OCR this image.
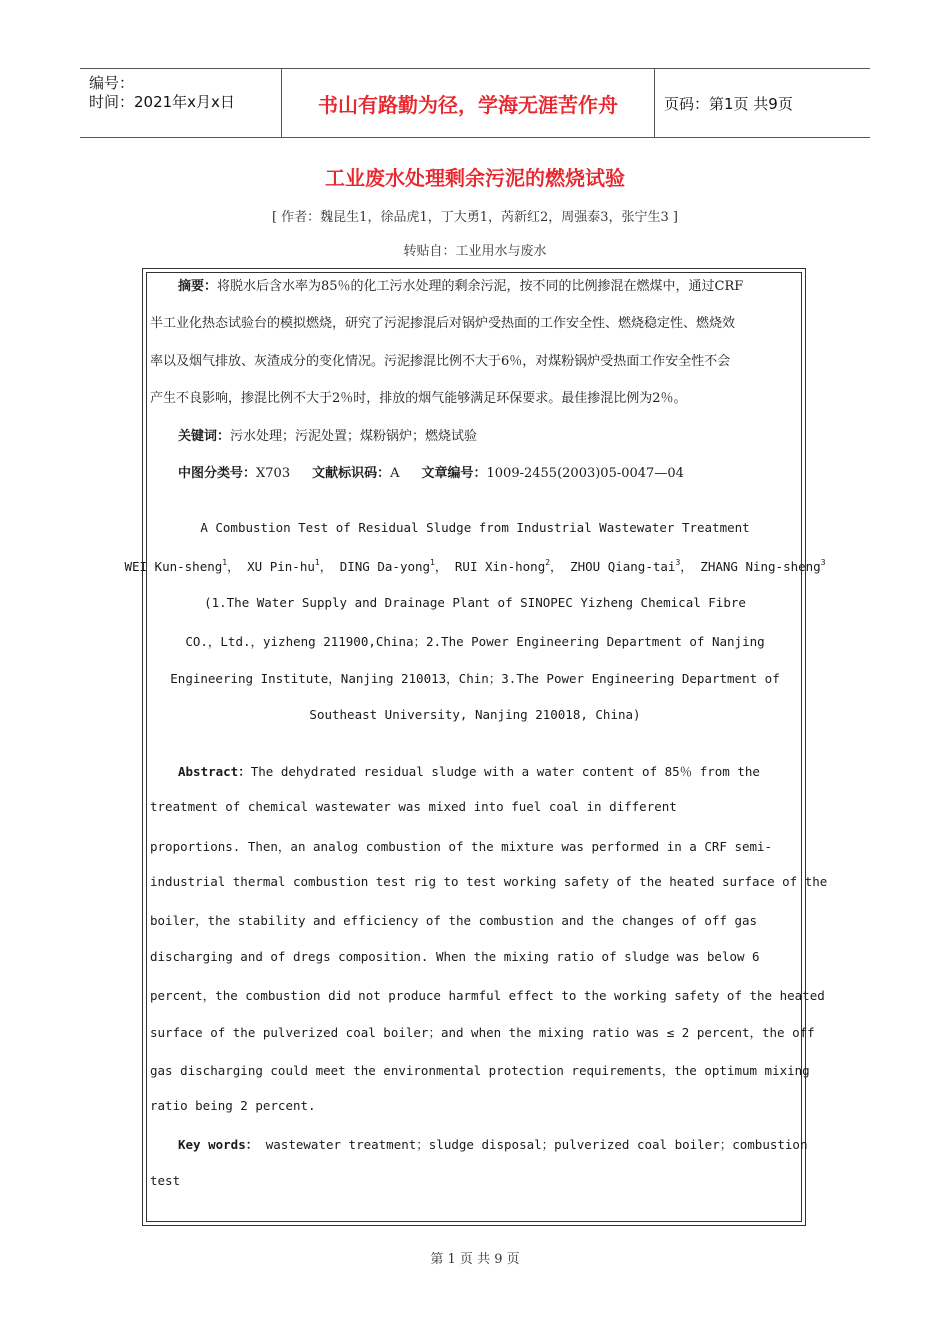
编号：
时间：2021年x月x日	书山有路勤为径，学海无涯苦作舟	页码：第1页 共9页
工业废水处理剩余污泥的燃烧试验
[ 作者：魏昆生1，徐品虎1，丁大勇1，芮新红2，周强泰3，张宁生3 ]
转贴自：工业用水与废水
摘要：将脱水后含水率为85％的化工污水处理的剩余污泥，按不同的比例掺混在燃煤中，通过CRF
半工业化热态试验台的模拟燃烧，研究了污泥掺混后对锅炉受热面的工作安全性、燃烧稳定性、燃烧效
率以及烟气排放、灰渣成分的变化情况。污泥掺混比例不大于6％，对煤粉锅炉受热面工作安全性不会
产生不良影响，掺混比例不大于2％时，排放的烟气能够满足环保要求。最佳掺混比例为2％。
关键词：污水处理；污泥处置；煤粉锅炉；燃烧试验
中图分类号：X703 文献标识码：A 文章编号：1009-2455(2003)05-0047—04
A Combustion Test of Residual Sludge from Industrial Wastewater Treatment
WEI Kun-sheng$^1$， XU Pin-$hu^1$， DING Da-yong$^1$， RUI Xin-hong$^2$， ZHOU Qiang-tai$^3$， ZHANG Ning-sheng$^3$
(1.The Water Supply and Drainage Plant of SINOPEC Yizheng Chemical Fibre
CO.，Ltd.，yizheng 211900,China；2.The Power Engineering Department of Nanjing
Engineering Institute，Nanjing 210013，Chin；3.The Power Engineering Department of
Southeast University, Nanjing 210018, China)
Abstract：The dehydrated residual sludge with a water content of 85％ from the
treatment of chemical wastewater was mixed into fuel coal in different
proportions. Then，an analog combustion of the mixture was performed in a CRF semi-
industrial thermal combustion test rig to test working safety of the heated surface of the
boiler，the stability and efficiency of the combustion and the changes of off gas
discharging and of dregs composition. When the mixing ratio of sludge was below 6
percent，the combustion did not produce harmful effect to the working safety of the heated
surface of the pulverized coal boiler；and when the mixing ratio was ≤ 2 percent，the off
gas discharging could meet the environmental protection requirements，the optimum mixing
ratio being 2 percent.
Key words： wastewater treatment；sludge disposal；pulverized coal boiler；combustion
test
第 1 页 共 9 页
